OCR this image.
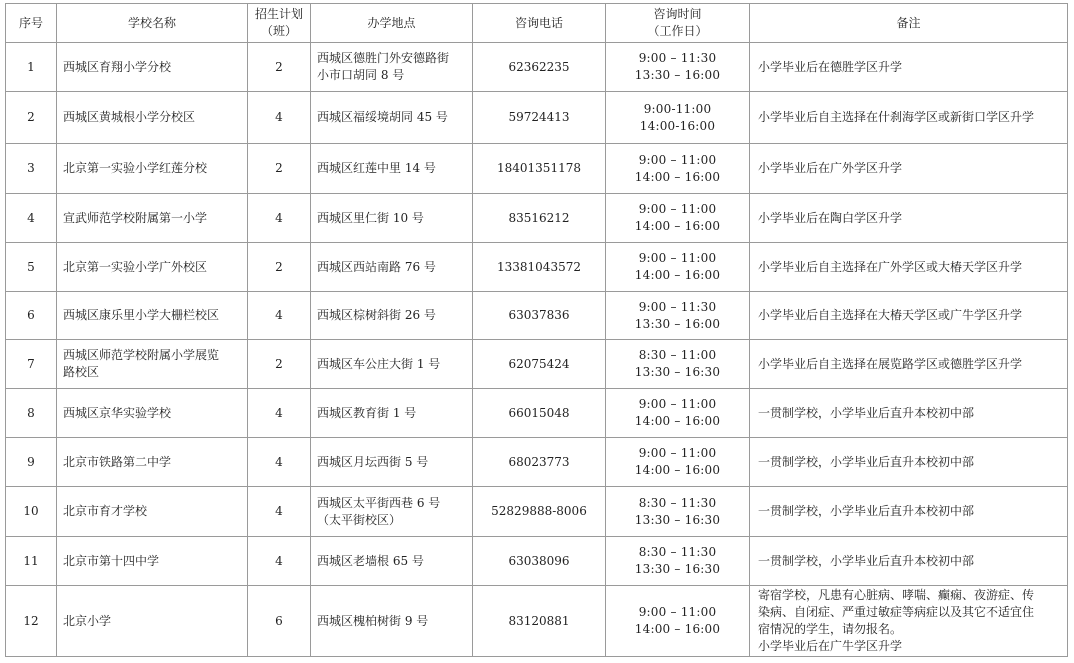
序号	学校名称	招生计划
（班）	办学地点	咨询电话	咨询时间
（工作日）	备注
1	西城区育翔小学分校	2	西城区德胜门外安德路街
小市口胡同 8 号	62362235	9:00 – 11:30
13:30 – 16:00	小学毕业后在德胜学区升学

2	西城区黄城根小学分校区	4	西城区福绥境胡同 45 号	59724413	9:00-11:00
14:00-16:00	小学毕业后自主选择在什刹海学区或新街口学区升学

3	北京第一实验小学红莲分校	2	西城区红莲中里 14 号	18401351178	9:00 – 11:00
14:00 – 16:00	小学毕业后在广外学区升学

4	宣武师范学校附属第一小学	4	西城区里仁街 10 号	83516212	9:00 – 11:00
14:00 – 16:00	小学毕业后在陶白学区升学

5	北京第一实验小学广外校区	2	西城区西站南路 76 号	13381043572	9:00 – 11:00
14:00 – 16:00	小学毕业后自主选择在广外学区或大椿天学区升学

6	西城区康乐里小学大栅栏校区	4	西城区棕树斜街 26 号	63037836	9:00 – 11:30
13:30 – 16:00	小学毕业后自主选择在大椿天学区或广牛学区升学

7	西城区师范学校附属小学展览
路校区	2	西城区车公庄大街 1 号	62075424	8:30 – 11:00
13:30 – 16:30	小学毕业后自主选择在展览路学区或德胜学区升学

8	西城区京华实验学校	4	西城区教育街 1 号	66015048	9:00 – 11:00
14:00 – 16:00	一贯制学校，小学毕业后直升本校初中部

9	北京市铁路第二中学	4	西城区月坛西街 5 号	68023773	9:00 – 11:00
14:00 – 16:00	一贯制学校，小学毕业后直升本校初中部

10	北京市育才学校	4	西城区太平街西巷 6 号
（太平街校区）	52829888-8006	8:30 – 11:30
13:30 – 16:30	一贯制学校，小学毕业后直升本校初中部

11	北京市第十四中学	4	西城区老墙根 65 号	63038096	8:30 – 11:30
13:30 – 16:30	一贯制学校，小学毕业后直升本校初中部

12	北京小学	6	西城区槐柏树街 9 号	83120881	9:00 – 11:00
14:00 – 16:00	寄宿学校，凡患有心脏病、哮喘、癫痫、夜游症、传
染病、自闭症、严重过敏症等病症以及其它不适宜住
宿情况的学生，请勿报名。
小学毕业后在广牛学区升学
